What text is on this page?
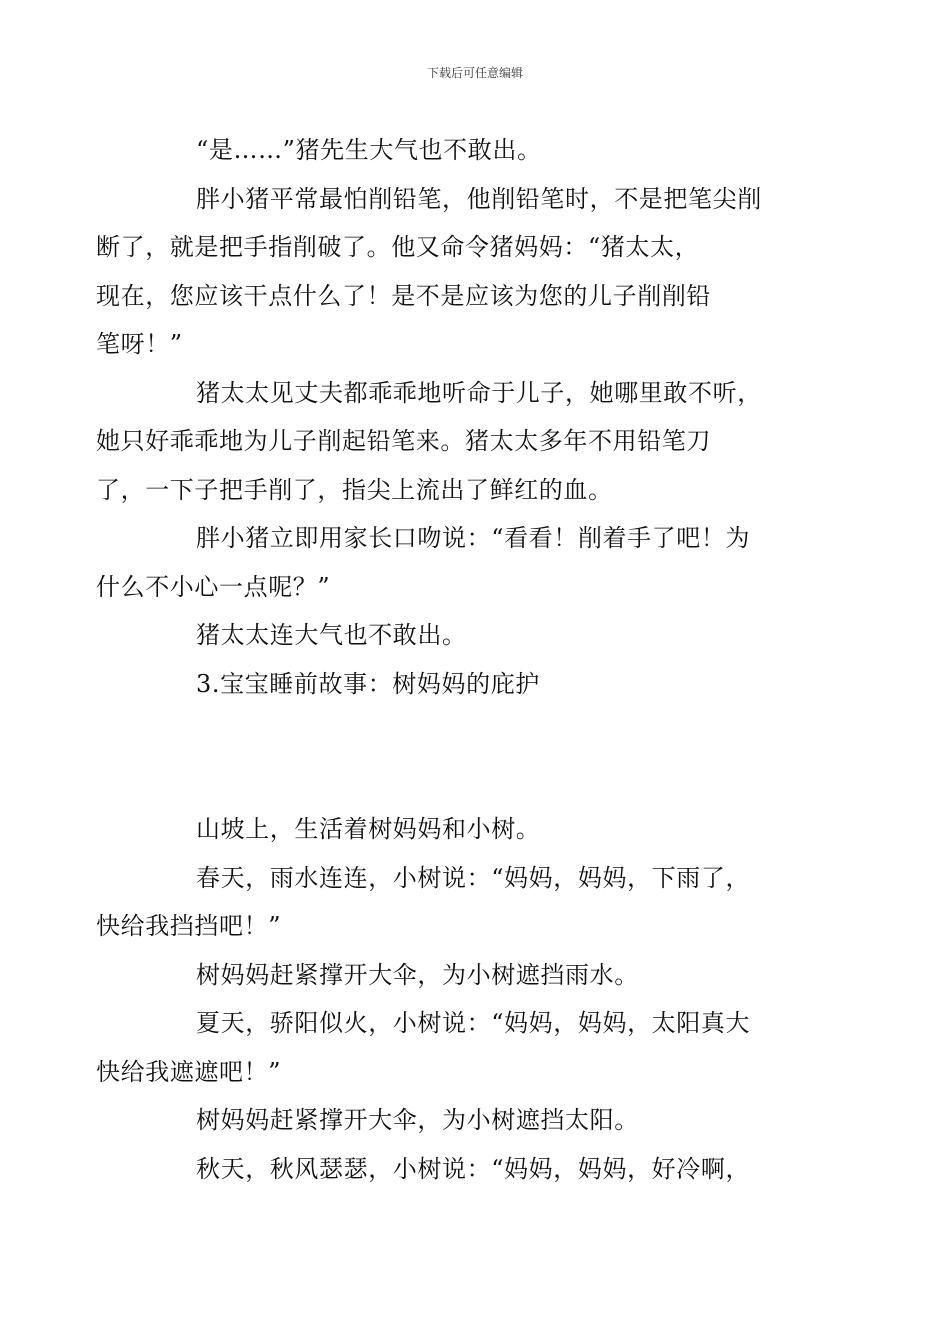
下载后可任意编辑

“是……”猪先生大气也不敢出。

胖小猪平常最怕削铅笔，他削铅笔时，不是把笔尖削
断了，就是把手指削破了。他又命令猪妈妈：“猪太太，
现在，您应该干点什么了！是不是应该为您的儿子削削铅
笔呀！”

猪太太见丈夫都乖乖地听命于儿子，她哪里敢不听，
她只好乖乖地为儿子削起铅笔来。猪太太多年不用铅笔刀
了，一下子把手削了，指尖上流出了鲜红的血。

胖小猪立即用家长口吻说：“看看！削着手了吧！为
什么不小心一点呢？”

猪太太连大气也不敢出。

3.宝宝睡前故事：树妈妈的庇护

山坡上，生活着树妈妈和小树。

春天，雨水连连，小树说：“妈妈，妈妈，下雨了，
快给我挡挡吧！”

树妈妈赶紧撑开大伞，为小树遮挡雨水。

夏天，骄阳似火，小树说：“妈妈，妈妈，太阳真大
快给我遮遮吧！”

树妈妈赶紧撑开大伞，为小树遮挡太阳。

秋天，秋风瑟瑟，小树说：“妈妈，妈妈，好冷啊，
